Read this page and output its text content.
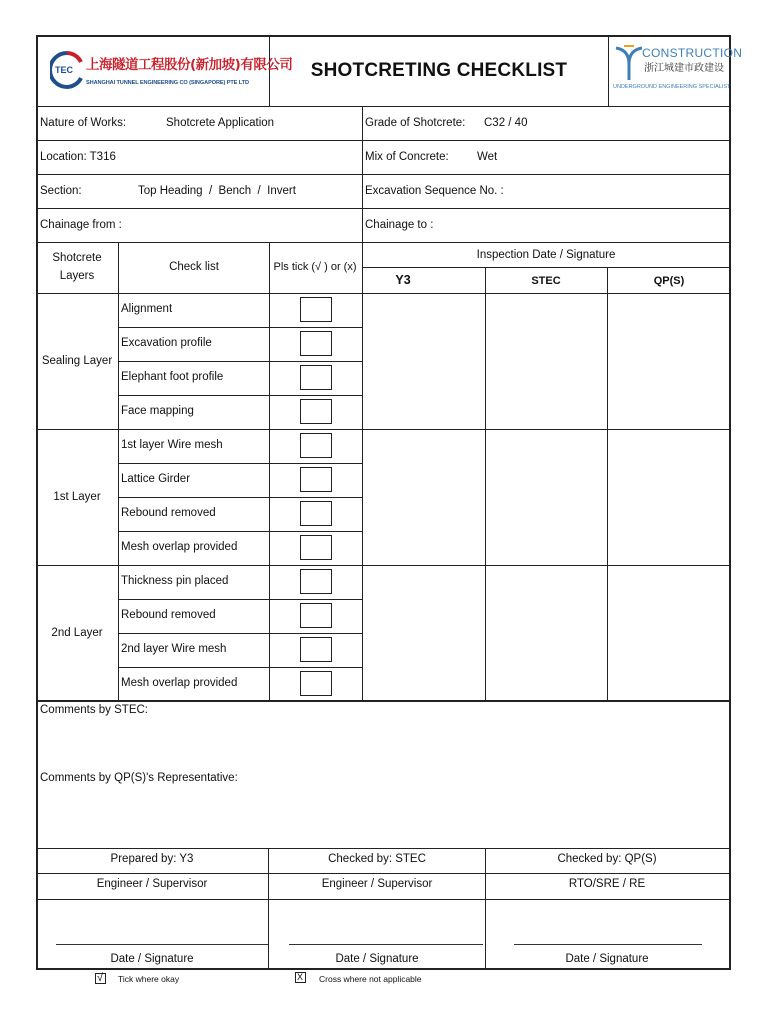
TEC 上海隧道工程股份(新加坡)有限公司
SHANGHAI TUNNEL ENGINEERING CO (SINGAPORE) PTE LTD
SHOTCRETING CHECKLIST
CONSTRUCTION
浙江城建市政建设
UNDERGROUND ENGINEERING SPECIALIST
Nature of Works:	Shotcrete Application	Grade of Shotcrete: C32 / 40
Location: T316	Mix of Concrete: Wet
Section:	Top Heading  /  Bench  /  Invert	Excavation Sequence No. :
Chainage from :	Chainage to :
Shotcrete
Layers
Check list	Pls tick (√ ) or (x)
Inspection Date / Signature
Y3	STEC	QP(S)
Sealing Layer
Alignment
Excavation profile
Elephant foot profile
Face mapping
1st Layer
1st layer Wire mesh
Lattice Girder
Rebound removed
Mesh overlap provided
2nd Layer
Thickness pin placed
Rebound removed
2nd layer Wire mesh
Mesh overlap provided
Comments by STEC:
Comments by QP(S)'s Representative:
Prepared by: Y3	Checked by: STEC	Checked by: QP(S)
Engineer / Supervisor	Engineer / Supervisor	RTO/SRE / RE
Date / Signature	Date / Signature	Date / Signature
√ Tick where okay	X Cross where not applicable
